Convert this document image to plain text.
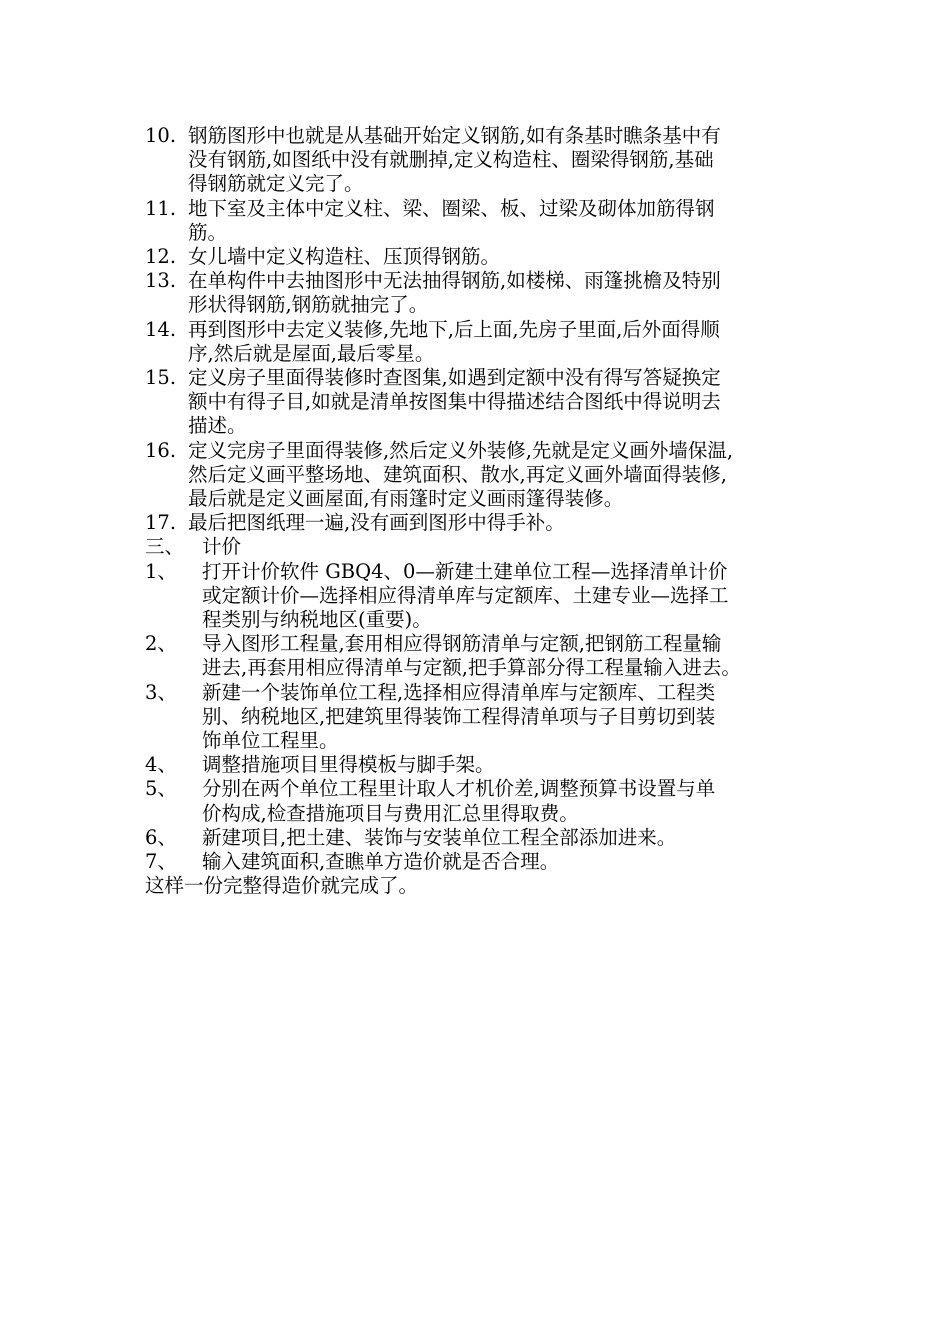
10. 钢筋图形中也就是从基础开始定义钢筋,如有条基时瞧条基中有
没有钢筋,如图纸中没有就删掉,定义构造柱、圈梁得钢筋,基础
得钢筋就定义完了。
11. 地下室及主体中定义柱、梁、圈梁、板、过梁及砌体加筋得钢
筋。
12. 女儿墙中定义构造柱、压顶得钢筋。
13. 在单构件中去抽图形中无法抽得钢筋,如楼梯、雨篷挑檐及特别
形状得钢筋,钢筋就抽完了。
14. 再到图形中去定义装修,先地下,后上面,先房子里面,后外面得顺
序,然后就是屋面,最后零星。
15. 定义房子里面得装修时查图集,如遇到定额中没有得写答疑换定
额中有得子目,如就是清单按图集中得描述结合图纸中得说明去
描述。
16. 定义完房子里面得装修,然后定义外装修,先就是定义画外墙保温,
然后定义画平整场地、建筑面积、散水,再定义画外墙面得装修,
最后就是定义画屋面,有雨篷时定义画雨篷得装修。
17. 最后把图纸理一遍,没有画到图形中得手补。
三、 计价
1、	打开计价软件 GBQ4、0—新建土建单位工程—选择清单计价
或定额计价—选择相应得清单库与定额库、土建专业—选择工
程类别与纳税地区(重要)。
2、	导入图形工程量,套用相应得钢筋清单与定额,把钢筋工程量输
进去,再套用相应得清单与定额,把手算部分得工程量输入进去。
3、	新建一个装饰单位工程,选择相应得清单库与定额库、工程类
别、纳税地区,把建筑里得装饰工程得清单项与子目剪切到装
饰单位工程里。
4、	调整措施项目里得模板与脚手架。
5、	分别在两个单位工程里计取人才机价差,调整预算书设置与单
价构成,检查措施项目与费用汇总里得取费。
6、	新建项目,把土建、装饰与安装单位工程全部添加进来。
7、	输入建筑面积,查瞧单方造价就是否合理。
这样一份完整得造价就完成了。
